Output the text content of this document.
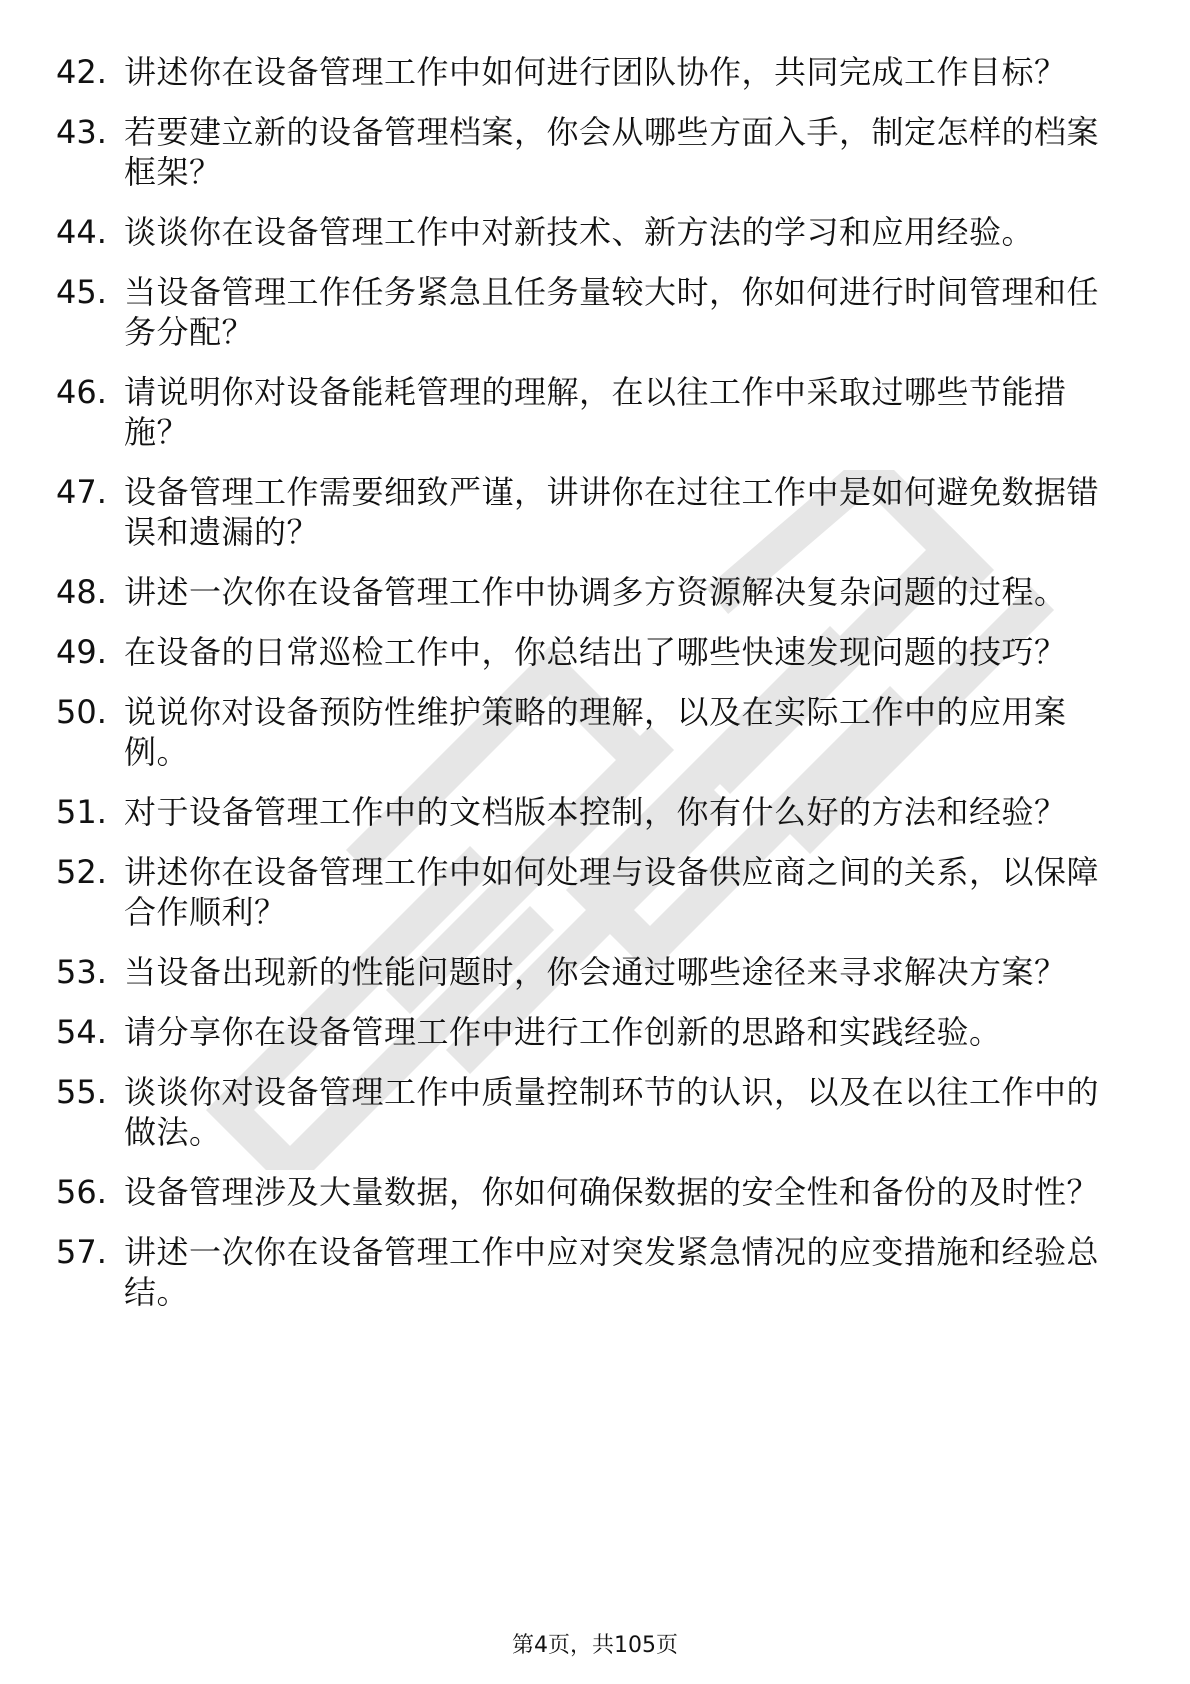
42. 讲述你在设备管理工作中如何进行团队协作，共同完成工作目标？
43. 若要建立新的设备管理档案，你会从哪些方面入手，制定怎样的档案框架？
44. 谈谈你在设备管理工作中对新技术、新方法的学习和应用经验。
45. 当设备管理工作任务紧急且任务量较大时，你如何进行时间管理和任务分配？
46. 请说明你对设备能耗管理的理解，在以往工作中采取过哪些节能措施？
47. 设备管理工作需要细致严谨，讲讲你在过往工作中是如何避免数据错误和遗漏的？
48. 讲述一次你在设备管理工作中协调多方资源解决复杂问题的过程。
49. 在设备的日常巡检工作中，你总结出了哪些快速发现问题的技巧？
50. 说说你对设备预防性维护策略的理解，以及在实际工作中的应用案例。
51. 对于设备管理工作中的文档版本控制，你有什么好的方法和经验？
52. 讲述你在设备管理工作中如何处理与设备供应商之间的关系，以保障合作顺利？
53. 当设备出现新的性能问题时，你会通过哪些途径来寻求解决方案？
54. 请分享你在设备管理工作中进行工作创新的思路和实践经验。
55. 谈谈你对设备管理工作中质量控制环节的认识，以及在以往工作中的做法。
56. 设备管理涉及大量数据，你如何确保数据的安全性和备份的及时性？
57. 讲述一次你在设备管理工作中应对突发紧急情况的应变措施和经验总结。
第4页，共105页
